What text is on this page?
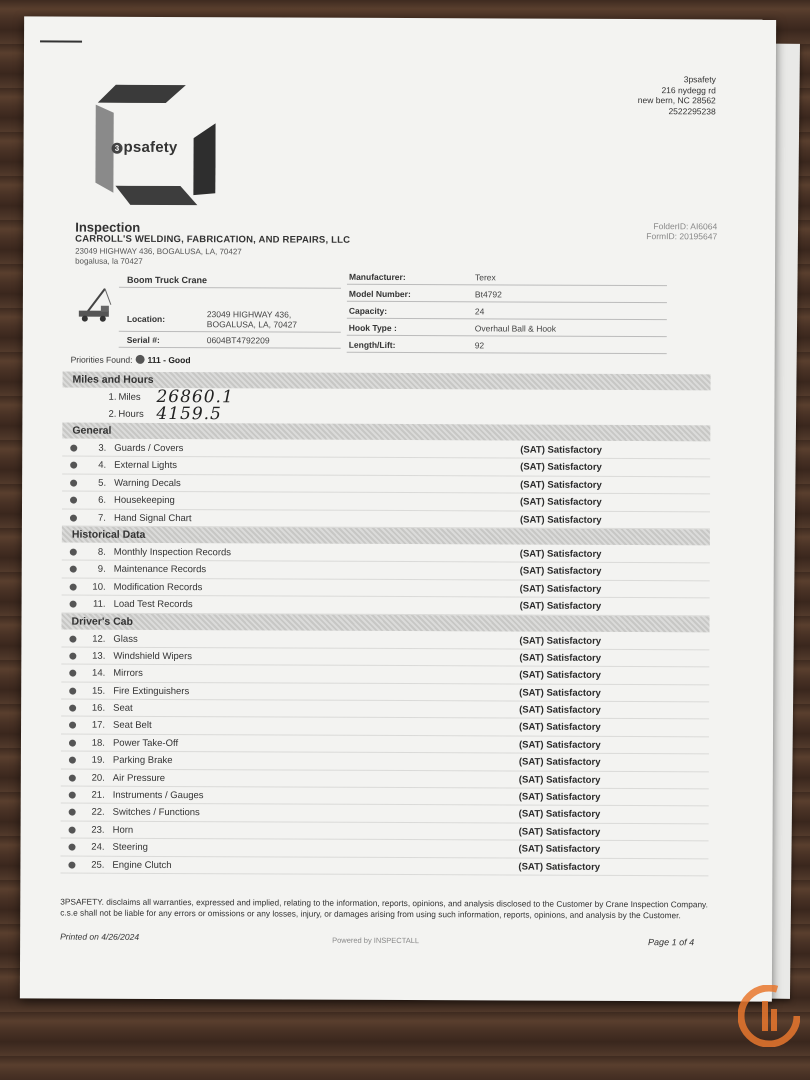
3 psafety
3psafety
216 nydegg rd
new bern, NC 28562
2522295238
FolderID: AI6064
FormID: 20195647
Inspection
CARROLL'S WELDING, FABRICATION, AND REPAIRS, LLC
23049 HIGHWAY 436, BOGALUSA, LA, 70427
bogalusa, la 70427
Boom Truck Crane
Location:	23049 HIGHWAY 436,
BOGALUSA, LA, 70427
Serial #:	0604BT4792209
Manufacturer:	Terex
Model Number:	Bt4792
Capacity:	24
Hook Type :	Overhaul Ball & Hook
Length/Lift:	92
Priorities Found: 111 - Good
Miles and Hours
1. Miles 26860.1
2. Hours 4159.5
General
3. Guards / Covers	(SAT) Satisfactory
4. External Lights	(SAT) Satisfactory
5. Warning Decals	(SAT) Satisfactory
6. Housekeeping	(SAT) Satisfactory
7. Hand Signal Chart	(SAT) Satisfactory
Historical Data
8. Monthly Inspection Records	(SAT) Satisfactory
9. Maintenance Records	(SAT) Satisfactory
10. Modification Records	(SAT) Satisfactory
11. Load Test Records	(SAT) Satisfactory
Driver's Cab
12. Glass	(SAT) Satisfactory
13. Windshield Wipers	(SAT) Satisfactory
14. Mirrors	(SAT) Satisfactory
15. Fire Extinguishers	(SAT) Satisfactory
16. Seat	(SAT) Satisfactory
17. Seat Belt	(SAT) Satisfactory
18. Power Take-Off	(SAT) Satisfactory
19. Parking Brake	(SAT) Satisfactory
20. Air Pressure	(SAT) Satisfactory
21. Instruments / Gauges	(SAT) Satisfactory
22. Switches / Functions	(SAT) Satisfactory
23. Horn	(SAT) Satisfactory
24. Steering	(SAT) Satisfactory
25. Engine Clutch	(SAT) Satisfactory
3PSAFETY. disclaims all warranties, expressed and implied, relating to the information, reports, opinions, and analysis disclosed to the Customer by Crane Inspection Company. c.s.e shall not be liable for any errors or omissions or any losses, injury, or damages arising from using such information, reports, opinions, and analysis by the Customer.
Printed on 4/26/2024	Powered by INSPECTALL	Page 1 of 4
